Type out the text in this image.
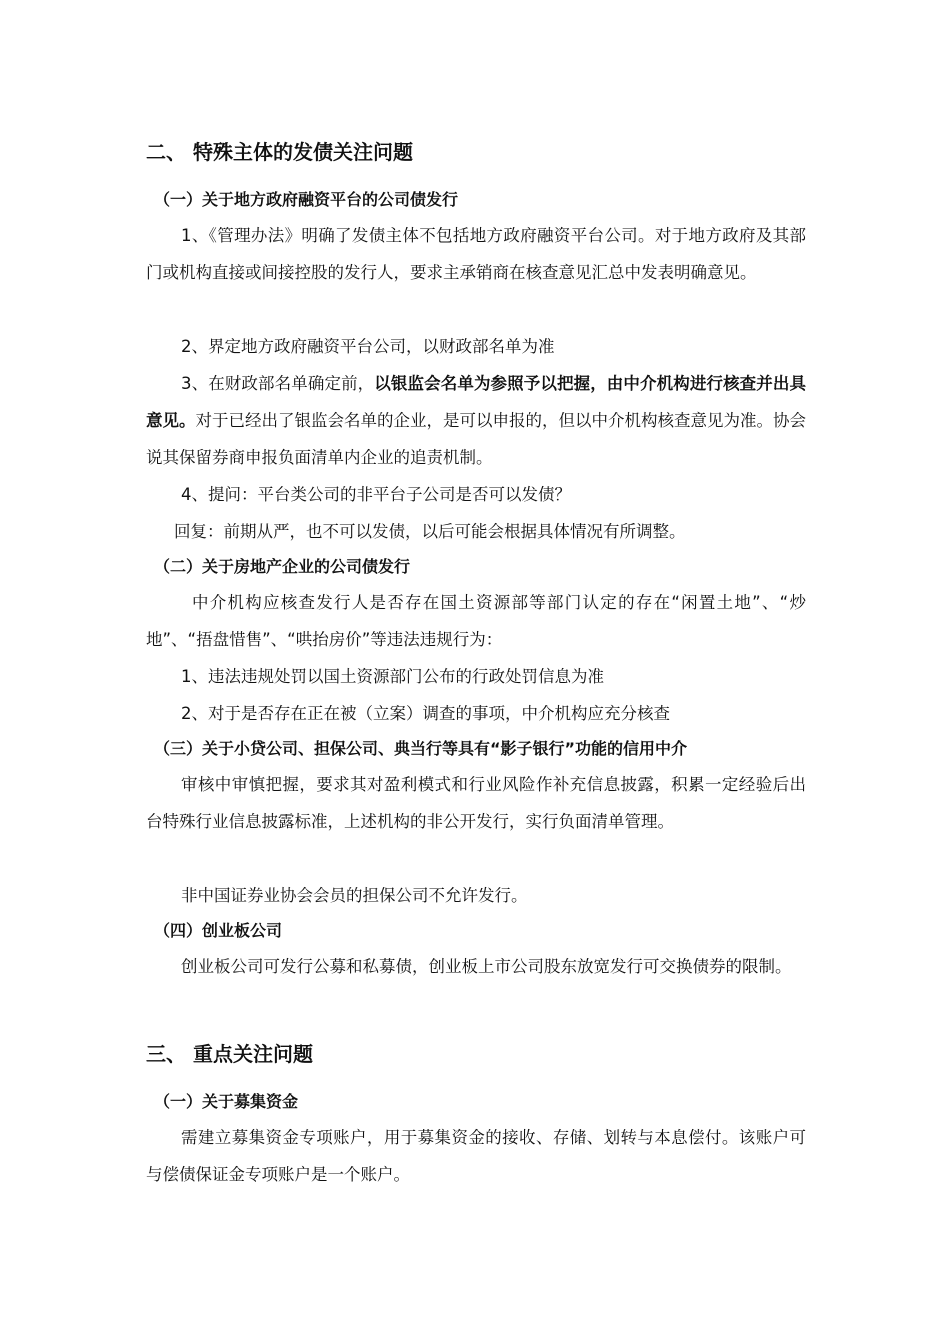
二、 特殊主体的发债关注问题
（一）关于地方政府融资平台的公司债发行
1、《管理办法》明确了发债主体不包括地方政府融资平台公司。对于地方政府及其部门或机构直接或间接控股的发行人，要求主承销商在核查意见汇总中发表明确意见。
2、界定地方政府融资平台公司，以财政部名单为准
3、在财政部名单确定前，以银监会名单为参照予以把握，由中介机构进行核查并出具意见。对于已经出了银监会名单的企业，是可以申报的，但以中介机构核查意见为准。协会说其保留券商申报负面清单内企业的追责机制。
4、提问：平台类公司的非平台子公司是否可以发债？
回复：前期从严，也不可以发债，以后可能会根据具体情况有所调整。
（二）关于房地产企业的公司债发行
中介机构应核查发行人是否存在国土资源部等部门认定的存在“闲置土地”、“炒地”、“捂盘惜售”、“哄抬房价”等违法违规行为：
1、违法违规处罚以国土资源部门公布的行政处罚信息为准
2、对于是否存在正在被（立案）调查的事项，中介机构应充分核查
（三）关于小贷公司、担保公司、典当行等具有“影子银行”功能的信用中介
审核中审慎把握，要求其对盈利模式和行业风险作补充信息披露，积累一定经验后出台特殊行业信息披露标准，上述机构的非公开发行，实行负面清单管理。
非中国证券业协会会员的担保公司不允许发行。
（四）创业板公司
创业板公司可发行公募和私募债，创业板上市公司股东放宽发行可交换债券的限制。
三、 重点关注问题
（一）关于募集资金
需建立募集资金专项账户，用于募集资金的接收、存储、划转与本息偿付。该账户可与偿债保证金专项账户是一个账户。
